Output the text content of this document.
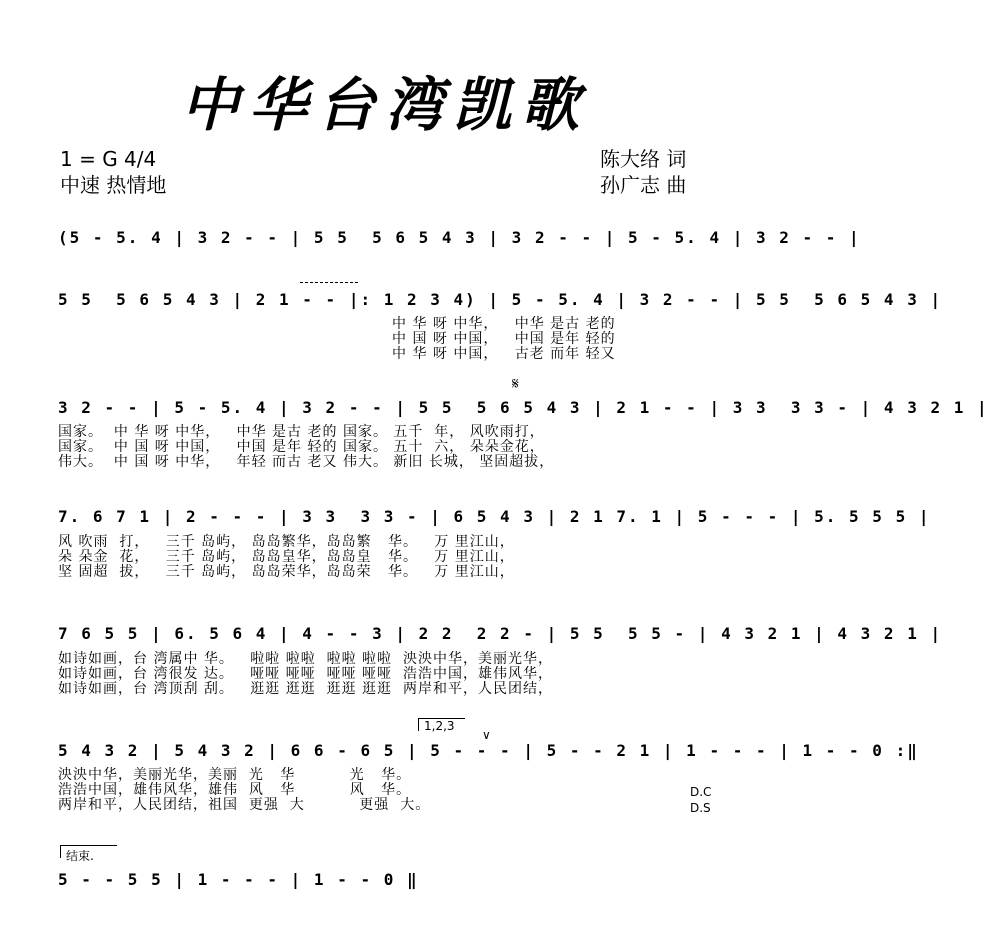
中华台湾凯歌
1 = G 4/4
中速 热情地
陈大络 词
孙广志 曲
(5 - 5. 4 | 3 2 - - | 5 5  5 6 5 4 3 | 3 2 - - | 5 - 5. 4 | 3 2 - - |
5 5  5 6 5 4 3 | 2 1 - - |: 1 2 3 4) | 5 - 5. 4 | 3 2 - - | 5 5  5 6 5 4 3 |
中 华 呀 中华，   中华 是古 老的
中 国 呀 中国，   中国 是年 轻的
中 华 呀 中国，   古老 而年 轻又
𝄋
3 2 - - | 5 - 5. 4 | 3 2 - - | 5 5  5 6 5 4 3 | 2 1 - - | 3 3  3 3 - | 4 3 2 1 |
国家。  中 华 呀 中华，   中华 是古 老的 国家。 五千  年， 风吹雨打，
国家。  中 国 呀 中国，   中国 是年 轻的 国家。 五十  六， 朵朵金花，
伟大。  中 国 呀 中华，   年轻 而古 老又 伟大。 新旧 长城， 坚固超拔，
7. 6 7 1 | 2 - - - | 3 3  3 3 - | 6 5 4 3 | 2 1 7. 1 | 5 - - - | 5. 5 5 5 |
风 吹雨  打，   三千 岛屿， 岛岛繁华，岛岛繁   华。   万 里江山，
朵 朵金  花，   三千 岛屿， 岛岛皇华，岛岛皇   华。   万 里江山，
坚 固超  拔，   三千 岛屿， 岛岛荣华，岛岛荣   华。   万 里江山，
7 6 5 5 | 6. 5 6 4 | 4 - - 3 | 2 2  2 2 - | 5 5  5 5 - | 4 3 2 1 | 4 3 2 1 |
如诗如画，台 湾属中 华。   啦啦 啦啦  啦啦 啦啦  泱泱中华，美丽光华，
如诗如画，台 湾很发 达。   哑哑 哑哑  哑哑 哑哑  浩浩中国，雄伟风华，
如诗如画，台 湾顶刮 刮。   逛逛 逛逛  逛逛 逛逛  两岸和平，人民团结，
1,2,3
∨
5 4 3 2 | 5 4 3 2 | 6 6 - 6 5 | 5 - - - | 5 - - 2 1 | 1 - - - | 1 - - 0 :‖
泱泱中华，美丽光华，美丽  光   华          光   华。
浩浩中国，雄伟风华，雄伟  风   华          风   华。
两岸和平，人民团结，祖国  更强  大          更强  大。
D.C
D.S
结束.
5 - - 5 5 | 1 - - - | 1 - - 0 ‖
